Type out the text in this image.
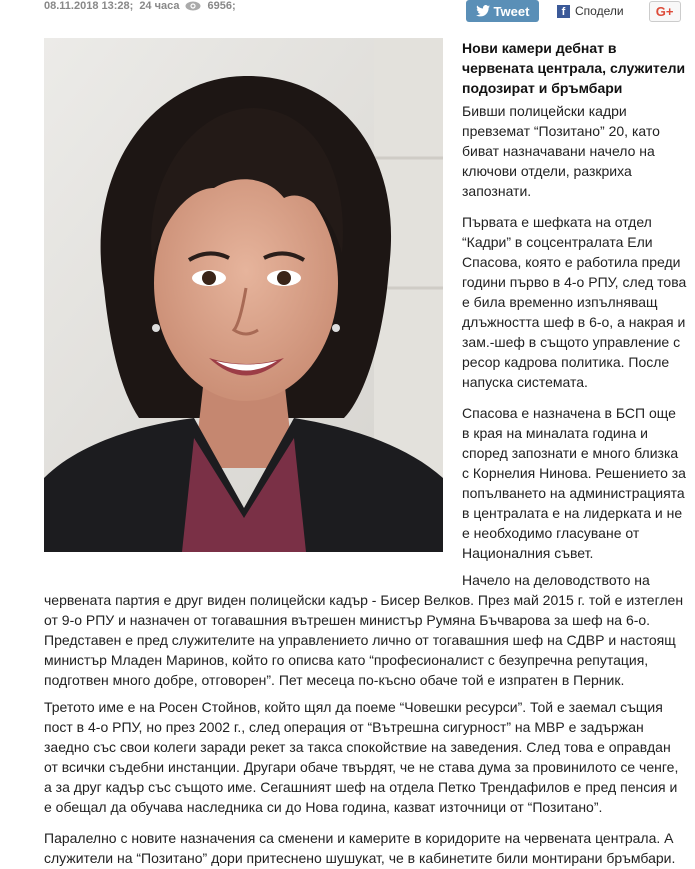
08.11.2018 13:28; 24 часа	6956;	Tweet	f Сподели G+
Нови камери дебнат в червената централа, служители подозират и бръмбари

Бивши полицейски кадри превземат “Позитано” 20, като биват назначавани начело на ключови отдели, разкриха запознати.

Първата е шефката на отдел “Кадри” в соцcентралата Ели Спасова, която е работила преди години първо в 4-о РПУ, след това е била временно изпълняващ длъжността шеф в 6-о, а накрая и зам.-шеф в същото управление с ресор кадрова политика. После напуска системата.

Спасова е назначена в БСП още в края на миналата година и според запознати е много близка с Корнелия Нинова. Решението за попълването на администрацията в централата е на лидерката и не е необходимо гласуване от Националния съвет.

Начело на деловодството на червената партия е друг виден полицейски кадър - Бисер Велков. През май 2015 г. той е изтеглен от 9-о РПУ и назначен от тогавашния вътрешен министър Румяна Бъчварова за шеф на 6-о. Представен е пред служителите на управлението лично от тогавашния шеф на СДВР и настоящ министър Младен Маринов, който го описва като “професионалист с безупречна репутация, подготвен много добре, отговорен”. Пет месеца по-късно обаче той е изпратен в Перник.

Третото име е на Росен Стойнов, който щял да поеме “Човешки ресурси”. Той е заемал същия пост в 4-о РПУ, но през 2002 г., след операция от “Вътрешна сигурност” на МВР е задържан заедно със свои колеги заради рекет за такса спокойствие на заведения. След това е оправдан от всички съдебни инстанции. Другари обаче твърдят, че не става дума за провинилото се ченге, а за друг кадър със същото име. Сегашният шеф на отдела Петко Трендафилов е пред пенсия и е обещал да обучава наследника си до Нова година, казват източници от “Позитано”.

Паралелно с новите назначения са сменени и камерите в коридорите на червената централа. А служители на “Позитано” дори притеснено шушукат, че в кабинетите били монтирани бръмбари.
